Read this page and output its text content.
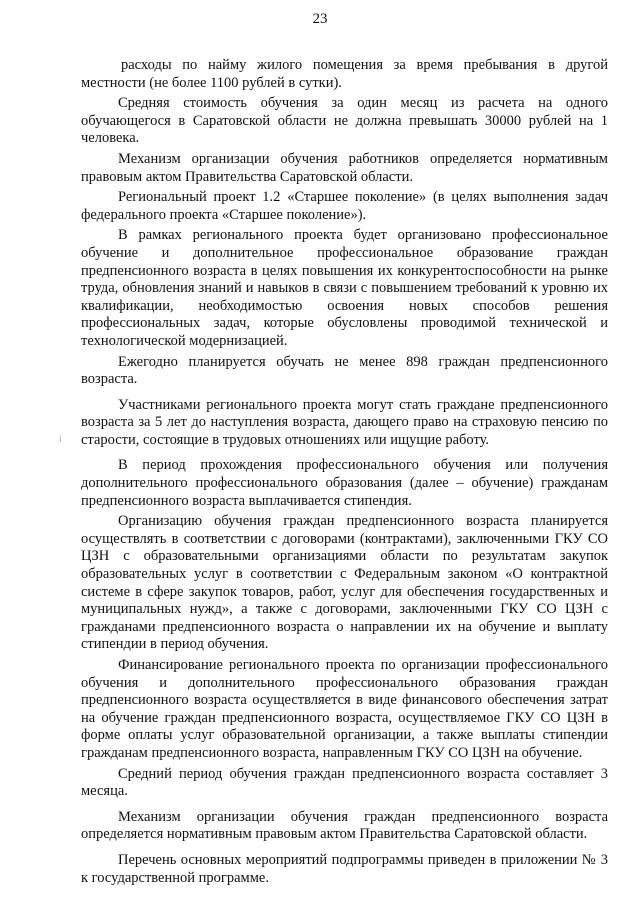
23

расходы по найму жилого помещения за время пребывания в другой местности (не более 1100 рублей в сутки).

Средняя стоимость обучения за один месяц из расчета на одного обучающегося в Саратовской области не должна превышать 30000 рублей на 1 человека.

Механизм организации обучения работников определяется нормативным правовым актом Правительства Саратовской области.

Региональный проект 1.2 «Старшее поколение» (в целях выполнения задач федерального проекта «Старшее поколение»).

В рамках регионального проекта будет организовано профессиональное обучение и дополнительное профессиональное образование граждан предпенсионного возраста в целях повышения их конкурентоспособности на рынке труда, обновления знаний и навыков в связи с повышением требований к уровню их квалификации, необходимостью освоения новых способов решения профессиональных задач, которые обусловлены проводимой технической и технологической модернизацией.

Ежегодно планируется обучать не менее 898 граждан предпенсионного возраста.

Участниками регионального проекта могут стать граждане предпенсионного возраста за 5 лет до наступления возраста, дающего право на страховую пенсию по старости, состоящие в трудовых отношениях или ищущие работу.

В период прохождения профессионального обучения или получения дополнительного профессионального образования (далее – обучение) гражданам предпенсионного возраста выплачивается стипендия.

Организацию обучения граждан предпенсионного возраста планируется осуществлять в соответствии с договорами (контрактами), заключенными ГКУ СО ЦЗН с образовательными организациями области по результатам закупок образовательных услуг в соответствии с Федеральным законом «О контрактной системе в сфере закупок товаров, работ, услуг для обеспечения государственных и муниципальных нужд», а также с договорами, заключенными ГКУ СО ЦЗН с гражданами предпенсионного возраста о направлении их на обучение и выплату стипендии в период обучения.

Финансирование регионального проекта по организации профессионального обучения и дополнительного профессионального образования граждан предпенсионного возраста осуществляется в виде финансового обеспечения затрат на обучение граждан предпенсионного возраста, осуществляемое ГКУ СО ЦЗН в форме оплаты услуг образовательной организации, а также выплаты стипендии гражданам предпенсионного возраста, направленным ГКУ СО ЦЗН на обучение.

Средний период обучения граждан предпенсионного возраста составляет 3 месяца.

Механизм организации обучения граждан предпенсионного возраста определяется нормативным правовым актом Правительства Саратовской области.

Перечень основных мероприятий подпрограммы приведен в приложении № 3 к государственной программе.
